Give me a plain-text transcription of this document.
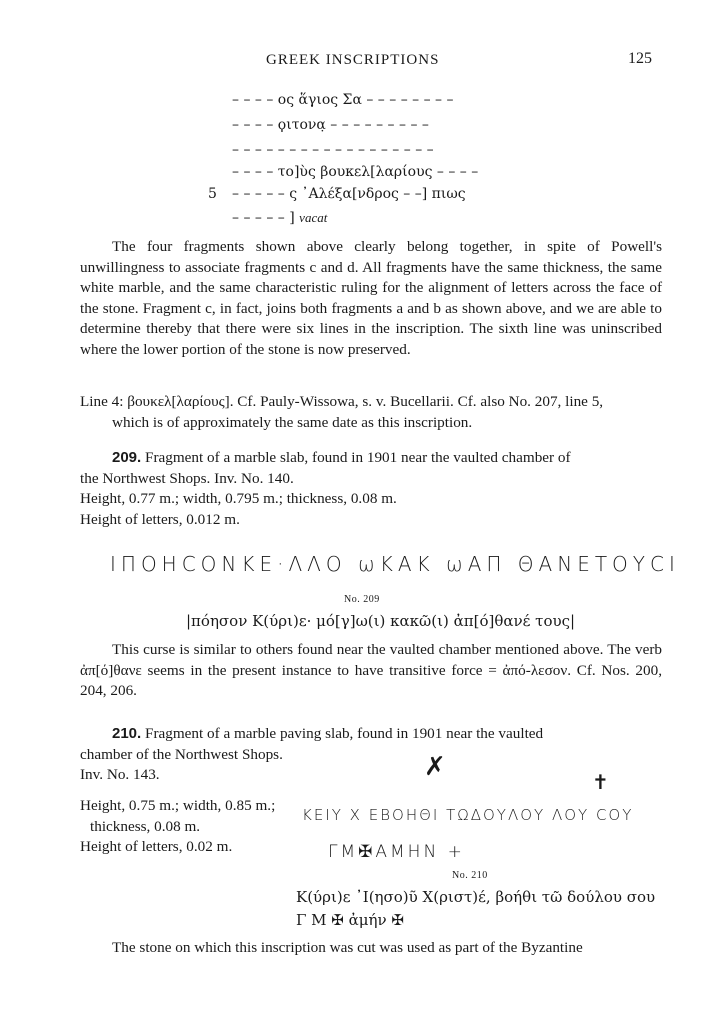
GREEK INSCRIPTIONS	125
– – – – ος ἅγιος Σα – – – – – – – –
– – – – ϙιτονα̣ – – – – – – – – –
– – – – – – – – – – – – – – – – – –
– – – – το]ὺς βουκελ[λαρίους – – – –
5 – – – – – ς ᾿Αλέξα[νδρος – –] πιως
– – – – – ] vacat
The four fragments shown above clearly belong together, in spite of Powell's unwillingness to associate fragments c and d. All fragments have the same thickness, the same white marble, and the same characteristic ruling for the alignment of letters across the face of the stone. Fragment c, in fact, joins both fragments a and b as shown above, and we are able to determine thereby that there were six lines in the inscription. The sixth line was uninscribed where the lower portion of the stone is now preserved.
Line 4: βουκελ[λαρίους]. Cf. Pauly-Wissowa, s. v. Bucellarii. Cf. also No. 207, line 5,
which is of approximately the same date as this inscription.
209. Fragment of a marble slab, found in 1901 near the vaulted chamber of
the Northwest Shops. Inv. No. 140.
Height, 0.77 m.; width, 0.795 m.; thickness, 0.08 m.
Height of letters, 0.012 m.
ΙΠΟΗCΟΝΚΕ·ΛΛΟ ωΚΑΚ ωΑΠ ΘΑΝΕΤΟΥCΙ
No. 209
|πόησον Κ(ύρι)ε· μό[γ]ω(ι) κακῶ(ι) ἀπ[ό]θανέ τους|
This curse is similar to others found near the vaulted chamber mentioned above. The verb ἀπ[ό]θανε seems in the present instance to have transitive force = ἀπό-λεσον. Cf. Nos. 200, 204, 206.
210. Fragment of a marble paving slab, found in 1901 near the vaulted
chamber of the Northwest Shops.
Inv. No. 143.
Height, 0.75 m.; width, 0.85 m.;
thickness, 0.08 m.
Height of letters, 0.02 m.
✗	✝
ΚΕΙΥ Χ ΕΒΟΗΘΙ ΤΩΔΟΥΛΟΥ ΛΟΥ CΟΥ
ΓΜ✠ΑΜΗΝ +
No. 210
Κ(ύρι)ε ᾿Ι(ησο)ῦ Χ(ριστ)έ, βοήθι τῶ δούλου σου
Γ Μ ✠ ἀμήν ✠
The stone on which this inscription was cut was used as part of the Byzantine
